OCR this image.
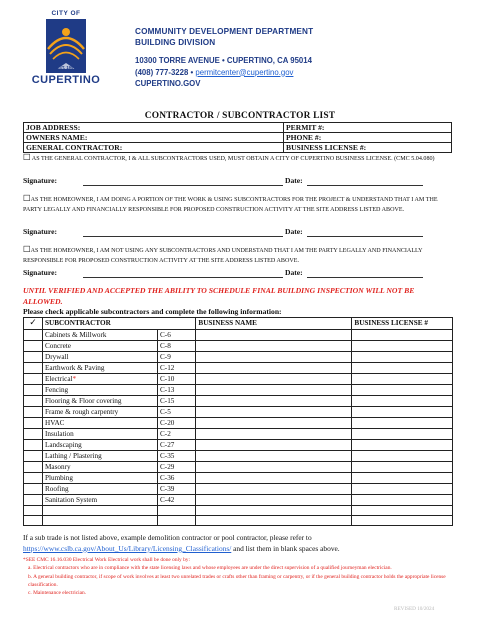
CITY OF
EST. 1955
CUPERTINO
COMMUNITY DEVELOPMENT DEPARTMENT
BUILDING DIVISION
10300 TORRE AVENUE • CUPERTINO, CA 95014
(408) 777-3228 • permitcenter@cupertino.gov
CUPERTINO.GOV
CONTRACTOR / SUBCONTRACTOR LIST
JOB ADDRESS:	PERMIT #:
OWNERS NAME:	PHONE #:
GENERAL CONTRACTOR:	BUSINESS LICENSE #:
☐ AS THE GENERAL CONTRACTOR, I & ALL SUBCONTRACTORS USED, MUST OBTAIN A CITY OF CUPERTINO BUSINESS LICENSE. (CMC 5.04.080)
Signature:	Date:
☐AS THE HOMEOWNER, I AM DOING A PORTION OF THE WORK & USING SUBCONTRACTORS FOR THE PROJECT & UNDERSTAND THAT I AM THE PARTY LEGALLY AND FINANCIALLY RESPONSIBLE FOR PROPOSED CONSTRUCTION ACTIVITY AT THE SITE ADDRESS LISTED ABOVE.
Signature:	Date:
☐AS THE HOMEOWNER, I AM NOT USING ANY SUBCONTRACTORS AND UNDERSTAND THAT I AM THE PARTY LEGALLY AND FINANCIALLY RESPONSIBLE FOR PROPOSED CONSTRUCTION ACTIVITY AT THE SITE ADDRESS LISTED ABOVE.
Signature:	Date:
UNTIL VERIFIED AND ACCEPTED THE ABILITY TO SCHEDULE FINAL BUILDING INSPECTION WILL NOT BE ALLOWED.
Please check applicable subcontractors and complete the following information:
✓	SUBCONTRACTOR		BUSINESS NAME	BUSINESS LICENSE #
	Cabinets & Millwork	C-6		
	Concrete	C-8		
	Drywall	C-9		
	Earthwork & Paving	C-12		
	Electrical*	C-10		
	Fencing	C-13		
	Flooring & Floor covering	C-15		
	Frame & rough carpentry	C-5		
	HVAC	C-20		
	Insulation	C-2		
	Landscaping	C-27		
	Lathing / Plastering	C-35		
	Masonry	C-29		
	Plumbing	C-36		
	Roofing	C-39		
	Sanitation System	C-42		

If a sub trade is not listed above, example demolition contractor or pool contractor, please refer to
https://www.cslb.ca.gov/About_Us/Library/Licensing_Classifications/ and list them in blank spaces above.
*SEE CMC 16.16.030 Electrical Work Electrical work shall be done only by:
a. Electrical contractors who are in compliance with the state licensing laws and whose employees are under the direct supervision of a qualified journeyman electrician.
b. A general building contractor, if scope of work involves at least two unrelated trades or crafts other than framing or carpentry, or if the general building contractor holds the appropriate license classification.
c. Maintenance electrician.
REVISED 10/2024
